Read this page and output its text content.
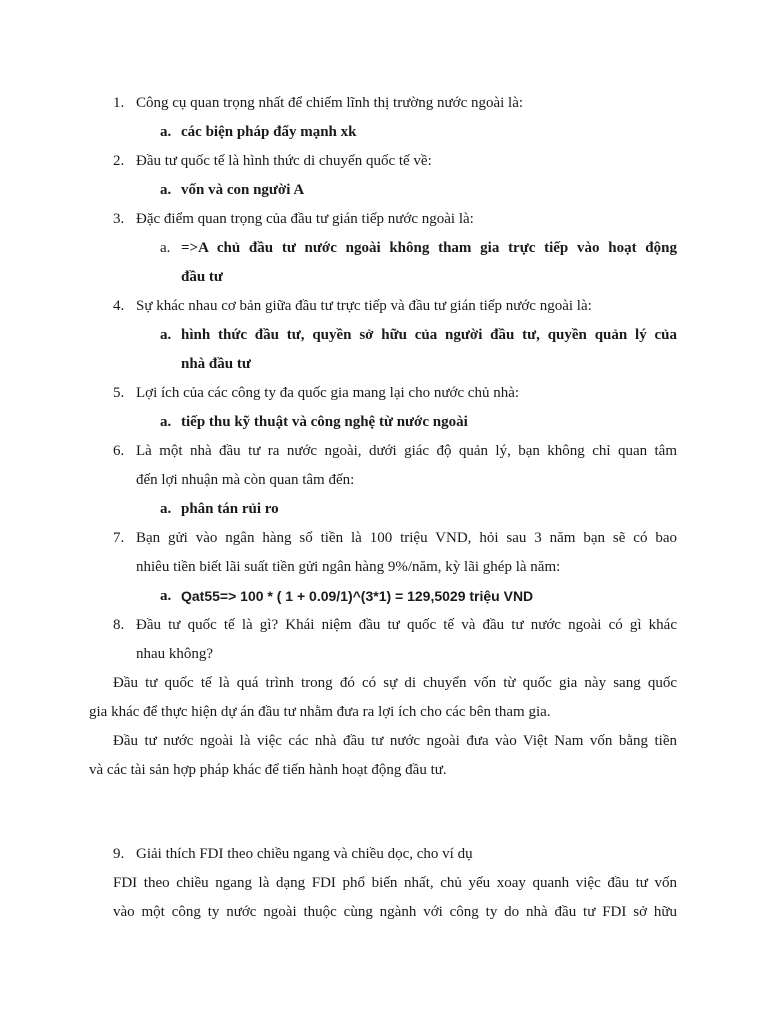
1. Công cụ quan trọng nhất để chiếm lĩnh thị trường nước ngoài là:
a. các biện pháp đẩy mạnh xk
2. Đầu tư quốc tế là hình thức di chuyển quốc tế về:
a. vốn và con người A
3. Đặc điểm quan trọng của đầu tư gián tiếp nước ngoài là:
a. =>A chủ đầu tư nước ngoài không tham gia trực tiếp vào hoạt động
đầu tư
4. Sự khác nhau cơ bản giữa đầu tư trực tiếp và đầu tư gián tiếp nước ngoài là:
a. hình thức đầu tư, quyền sở hữu của người đầu tư, quyền quản lý của
nhà đầu tư
5. Lợi ích của các công ty đa quốc gia mang lại cho nước chủ nhà:
a. tiếp thu kỹ thuật và công nghệ từ nước ngoài
6. Là một nhà đầu tư ra nước ngoài, dưới giác độ quản lý, bạn không chỉ quan tâm
đến lợi nhuận mà còn quan tâm đến:
a. phân tán rủi ro
7. Bạn gửi vào ngân hàng số tiền là 100 triệu VND, hỏi sau 3 năm bạn sẽ có bao
nhiêu tiền biết lãi suất tiền gửi ngân hàng 9%/năm, kỳ lãi ghép là năm:
a. Qat55=> 100 * ( 1 + 0.09/1)^(3*1) = 129,5029 triệu VND
8. Đầu tư quốc tế là gì? Khái niệm đầu tư quốc tế và đầu tư nước ngoài có gì khác
nhau không?
Đầu tư quốc tế là quá trình trong đó có sự di chuyển vốn từ quốc gia này sang quốc
gia khác để thực hiện dự án đầu tư nhằm đưa ra lợi ích cho các bên tham gia.
Đầu tư nước ngoài là việc các nhà đầu tư nước ngoài đưa vào Việt Nam vốn bằng tiền
và các tài sản hợp pháp khác để tiến hành hoạt động đầu tư.
9. Giải thích FDI theo chiều ngang và chiều dọc, cho ví dụ
FDI theo chiều ngang là dạng FDI phổ biến nhất, chủ yếu xoay quanh việc đầu tư vốn
vào một công ty nước ngoài thuộc cùng ngành với công ty do nhà đầu tư FDI sở hữu
